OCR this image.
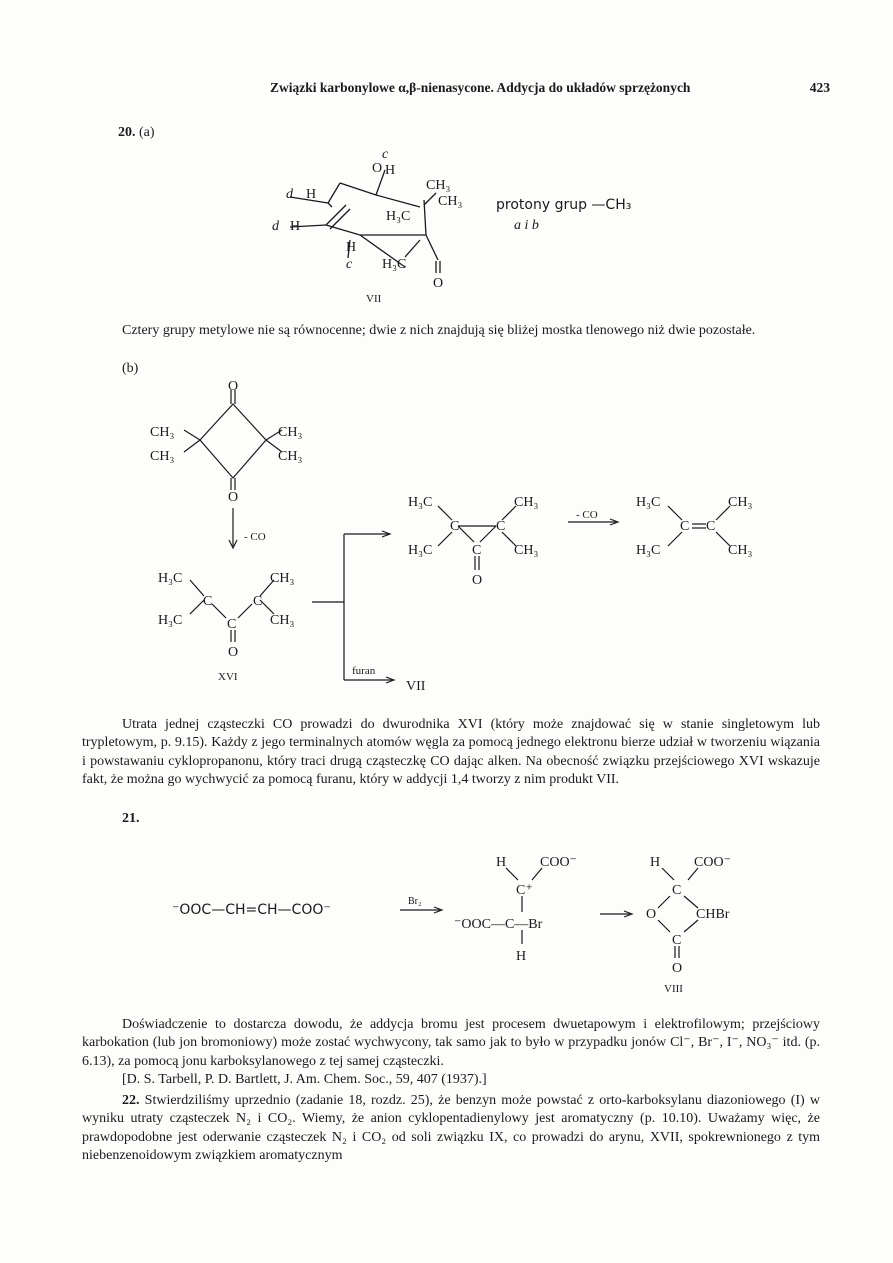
Związki karbonylowe α,β-nienasycone. Addycja do układów sprzężonych	423
20. (a)
c
O H
CH₃
d H
H₃C
CH₃
d H
H
c H₃C
O
protony grup —CH₃
a i b
VII
Cztery grupy metylowe nie są równocenne; dwie z nich znajdują się bliżej mostka tlenowego niż dwie pozostałe.
(b)
O
CH₃
CH₃
CH₃
CH₃
O
- CO
H₃C	CH₃
C	C
H₃C	C CH₃
O
XVI	furan
VII
- CO
H₃C	CH₃
C	C
H₃C	C CH₃
O
H₃C	CH₃
C C
H₃C	CH₃
Utrata jednej cząsteczki CO prowadzi do dwurodnika XVI (który może znajdować się w stanie singletowym lub trypletowym, p. 9.15). Każdy z jego terminalnych atomów węgla za pomocą jednego elektronu bierze udział w tworzeniu wiązania i powstawaniu cyklopropanonu, który traci drugą cząsteczkę CO dając alken. Na obecność związku przejściowego XVI wskazuje fakt, że można go wychwycić za pomocą furanu, który w addycji 1,4 tworzy z nim produkt VII.
21.
⁻OOC—CH=CH—COO⁻
Br₂
H COO⁻
C⁺
⁻OOC—C—Br
H
H COO⁻
C
O	CHBr
C
O
VIII
Doświadczenie to dostarcza dowodu, że addycja bromu jest procesem dwuetapowym i elektrofilowym; przejściowy karbokation (lub jon bromoniowy) może zostać wychwycony, tak samo jak to było w przypadku jonów Cl⁻, Br⁻, I⁻, NO₃⁻ itd. (p. 6.13), za pomocą jonu karboksylanowego z tej samej cząsteczki.
[D. S. Tarbell, P. D. Bartlett, J. Am. Chem. Soc., 59, 407 (1937).]
22. Stwierdziliśmy uprzednio (zadanie 18, rozdz. 25), że benzyn może powstać z orto-karboksylanu diazoniowego (I) w wyniku utraty cząsteczek N₂ i CO₂. Wiemy, że anion cyklopentadienylowy jest aromatyczny (p. 10.10). Uważamy więc, że prawdopodobne jest oderwanie cząsteczek N₂ i CO₂ od soli związku IX, co prowadzi do arynu, XVII, spokrewnionego z tym niebenzenoidowym związkiem aromatycznym
